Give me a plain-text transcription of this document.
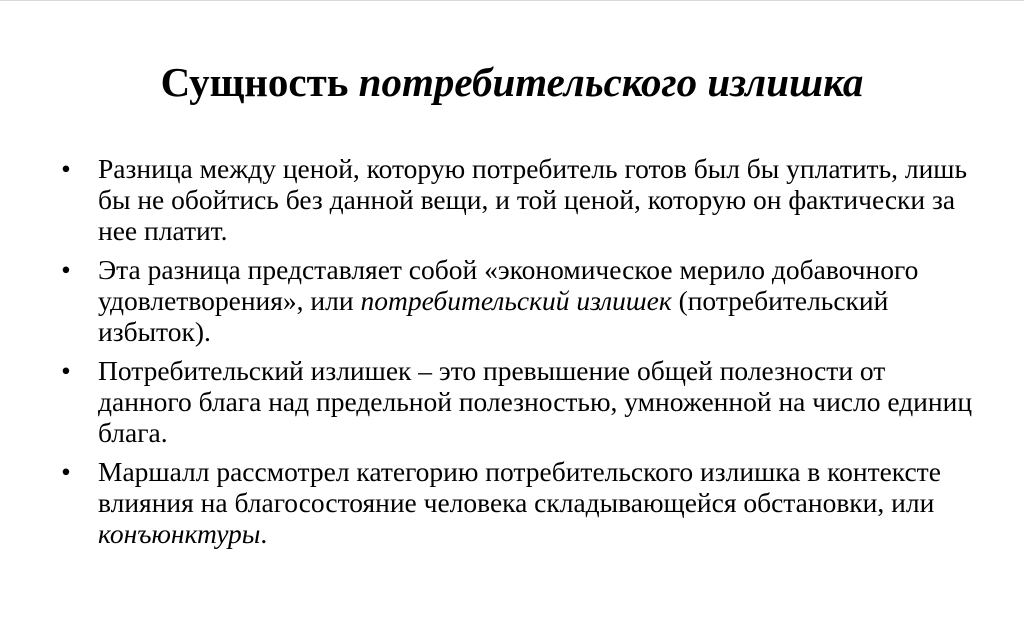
Сущность потребительского излишка
• Разница между ценой, которую потребитель готов был бы уплатить, лишь бы не обойтись без данной вещи, и той ценой, которую он фактически за нее платит.
• Эта разница представляет собой «экономическое мерило добавочного удовлетворения», или потребительский излишек (потребительский избыток).
• Потребительский излишек – это превышение общей полезности от данного блага над предельной полезностью, умноженной на число единиц блага.
• Маршалл рассмотрел категорию потребительского излишка в контексте влияния на благосостояние человека складывающейся обстановки, или конъюнктуры.
